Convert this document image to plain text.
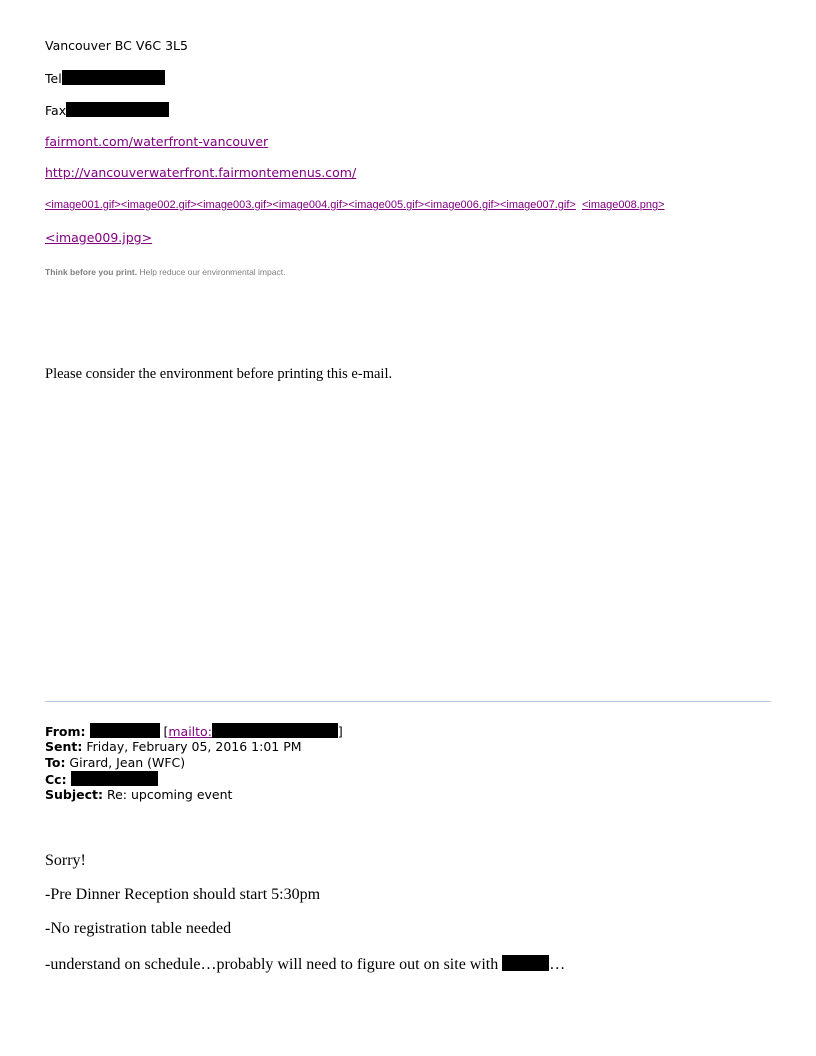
Vancouver BC V6C 3L5
Tel
Fax
fairmont.com/waterfront-vancouver
http://vancouverwaterfront.fairmontemenus.com/
<image001.gif><image002.gif><image003.gif><image004.gif><image005.gif><image006.gif><image007.gif> <image008.png>
<image009.jpg>
Think before you print. Help reduce our environmental impact.
Please consider the environment before printing this e-mail.
From:	[mailto:	]
Sent: Friday, February 05, 2016 1:01 PM
To: Girard, Jean (WFC)
Cc:
Subject: Re: upcoming event
Sorry!
-Pre Dinner Reception should start 5:30pm
-No registration table needed
-understand on schedule…probably will need to figure out on site with	…
